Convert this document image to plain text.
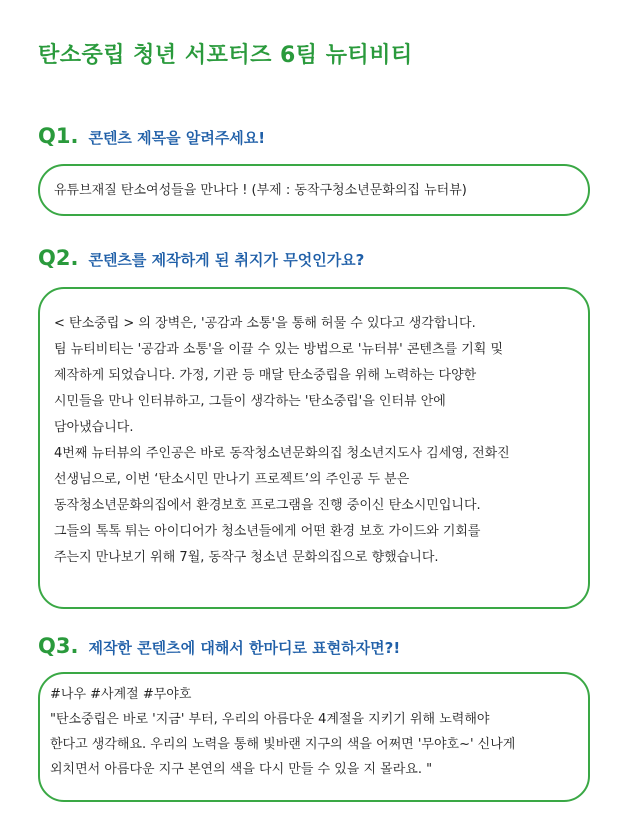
탄소중립 청년 서포터즈 6팀 뉴티비티
Q1. 콘텐츠 제목을 알려주세요!
유튜브재질 탄소여성들을 만나다 ! (부제 : 동작구청소년문화의집 뉴터뷰)
Q2. 콘텐츠를 제작하게 된 취지가 무엇인가요?
< 탄소중립 > 의 장벽은, '공감과 소통'을 통해 허물 수 있다고 생각합니다.
팀 뉴티비티는 '공감과 소통'을 이끌 수 있는 방법으로 '뉴터뷰' 콘텐츠를 기획 및
제작하게 되었습니다. 가정, 기관 등 매달 탄소중립을 위해 노력하는 다양한
시민들을 만나 인터뷰하고, 그들이 생각하는 '탄소중립'을 인터뷰 안에
담아냈습니다.
4번째 뉴터뷰의 주인공은 바로 동작청소년문화의집 청소년지도사 김세영, 전화진
선생님으로, 이번 ‘탄소시민 만나기 프로젝트’의 주인공 두 분은
동작청소년문화의집에서 환경보호 프로그램을 진행 중이신 탄소시민입니다.
그들의 톡톡 튀는 아이디어가 청소년들에게 어떤 환경 보호 가이드와 기회를
주는지 만나보기 위해 7월, 동작구 청소년 문화의집으로 향했습니다.
Q3. 제작한 콘텐츠에 대해서 한마디로 표현하자면?!
#나우 #사계절 #무야호
"탄소중립은 바로 '지금' 부터, 우리의 아름다운 4계절을 지키기 위해 노력해야
한다고 생각해요. 우리의 노력을 통해 빛바랜 지구의 색을 어쩌면 '무야호~' 신나게
외치면서 아름다운 지구 본연의 색을 다시 만들 수 있을 지 몰라요. "
